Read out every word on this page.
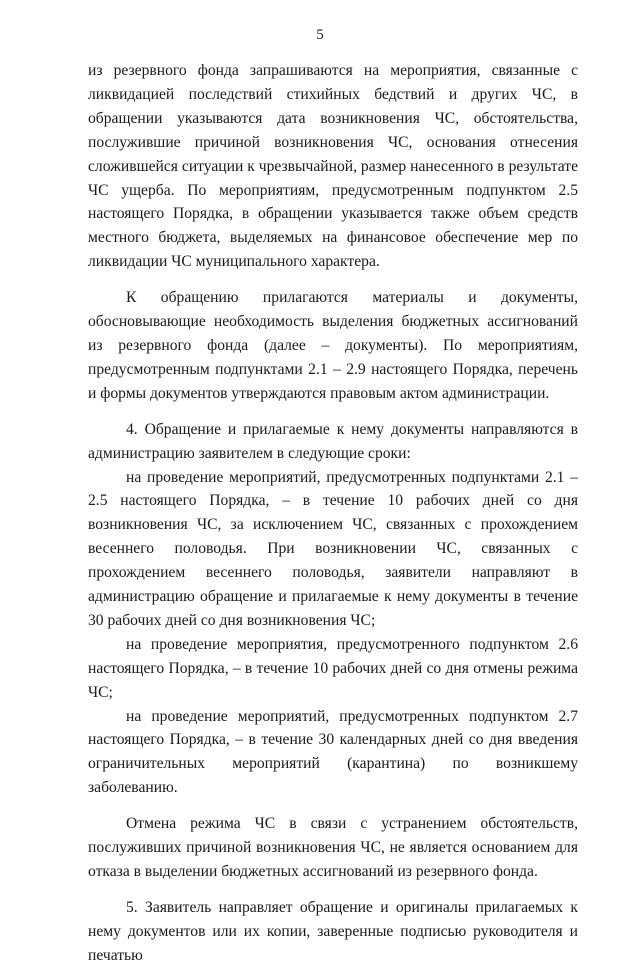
5

из резервного фонда запрашиваются на мероприятия, связанные с ликвидацией последствий стихийных бедствий и других ЧС, в обращении указываются дата возникновения ЧС, обстоятельства, послужившие причиной возникновения ЧС, основания отнесения сложившейся ситуации к чрезвычайной, размер нанесенного в результате ЧС ущерба. По мероприятиям, предусмотренным подпунктом 2.5 настоящего Порядка, в обращении указывается также объем средств местного бюджета, выделяемых на финансовое обеспечение мер по ликвидации ЧС муниципального характера.

К обращению прилагаются материалы и документы, обосновывающие необходимость выделения бюджетных ассигнований из резервного фонда (далее – документы). По мероприятиям, предусмотренным подпунктами 2.1 – 2.9 настоящего Порядка, перечень и формы документов утверждаются правовым актом администрации.

4. Обращение и прилагаемые к нему документы направляются в администрацию заявителем в следующие сроки:

на проведение мероприятий, предусмотренных подпунктами 2.1 – 2.5 настоящего Порядка, – в течение 10 рабочих дней со дня возникновения ЧС, за исключением ЧС, связанных с прохождением весеннего половодья. При возникновении ЧС, связанных с прохождением весеннего половодья, заявители направляют в администрацию обращение и прилагаемые к нему документы в течение 30 рабочих дней со дня возникновения ЧС;

на проведение мероприятия, предусмотренного подпунктом 2.6 настоящего Порядка, – в течение 10 рабочих дней со дня отмены режима ЧС;

на проведение мероприятий, предусмотренных подпунктом 2.7 настоящего Порядка, – в течение 30 календарных дней со дня введения ограничительных мероприятий (карантина) по возникшему заболеванию.

Отмена режима ЧС в связи с устранением обстоятельств, послуживших причиной возникновения ЧС, не является основанием для отказа в выделении бюджетных ассигнований из резервного фонда.

5. Заявитель направляет обращение и оригиналы прилагаемых к нему документов или их копии, заверенные подписью руководителя и печатью
